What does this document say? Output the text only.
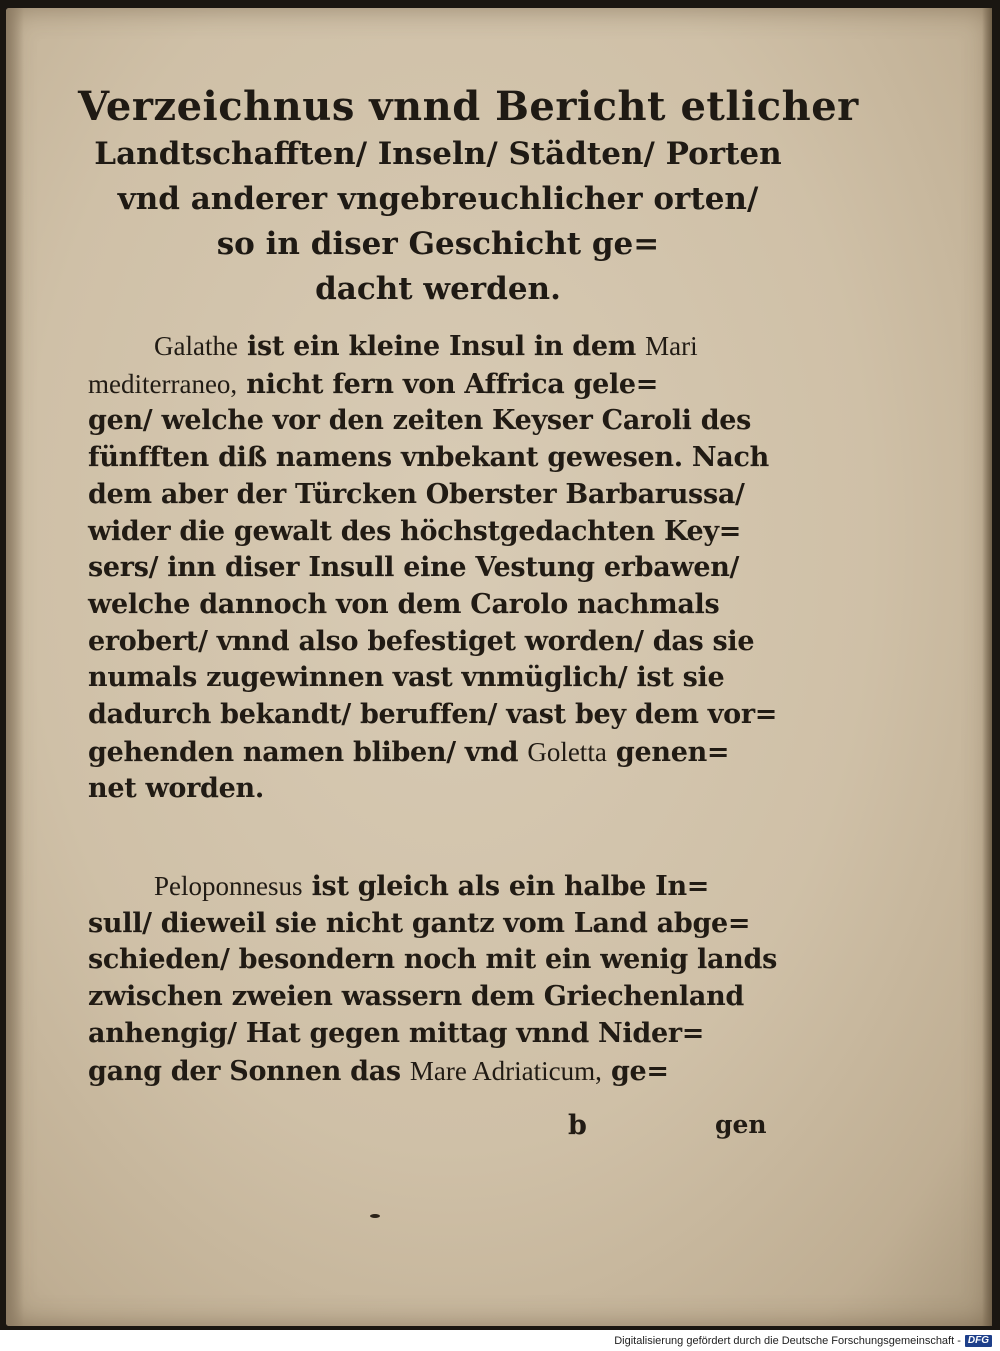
Verzeichnus vnnd Bericht etlicher
Landtschafften/ Inseln/ Städten/ Porten
vnd anderer vngebreuchlicher orten/
so in diser Geschicht ge=
dacht werden.
Galathe ist ein kleine Insul in dem Mari
mediterraneo, nicht fern von Affrica gele=
gen/ welche vor den zeiten Keyser Caroli des
fünfften diß namens vnbekant gewesen. Nach
dem aber der Türcken Oberster Barbarussa/
wider die gewalt des höchstgedachten Key=
sers/ inn diser Insull eine Vestung erbawen/
welche dannoch von dem Carolo nachmals
erobert/ vnnd also befestiget worden/ das sie
numals zugewinnen vast vnmüglich/ ist sie
dadurch bekandt/ beruffen/ vast bey dem vor=
gehenden namen bliben/ vnd Goletta genen=
net worden.
Peloponnesus ist gleich als ein halbe In=
sull/ dieweil sie nicht gantz vom Land abge=
schieden/ besondern noch mit ein wenig lands
zwischen zweien wassern dem Griechenland
anhengig/ Hat gegen mittag vnnd Nider=
gang der Sonnen das Mare Adriaticum, ge=
b	gen
Digitalisierung gefördert durch die Deutsche Forschungsgemeinschaft - DFG
